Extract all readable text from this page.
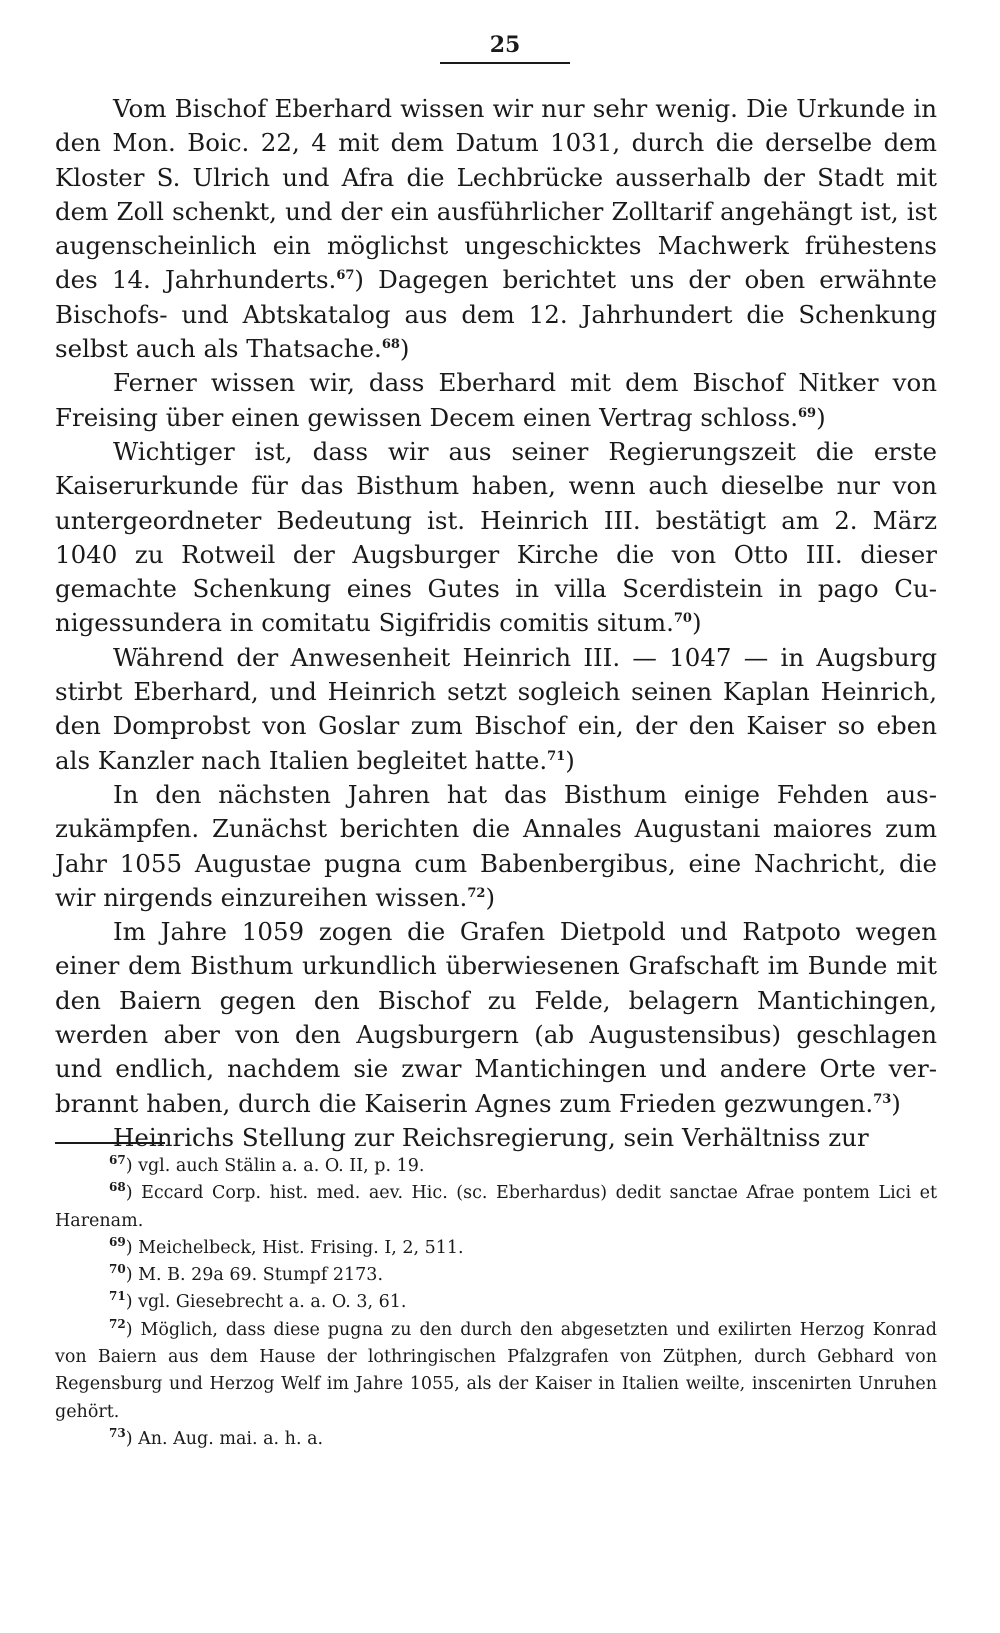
25

Vom Bischof Eberhard wissen wir nur sehr wenig. Die Urkunde in den Mon. Boic. 22, 4 mit dem Datum 1031, durch die derselbe dem Kloster S. Ulrich und Afra die Lechbrücke ausserhalb der Stadt mit dem Zoll schenkt, und der ein ausführlicher Zolltarif angehängt ist, ist augenscheinlich ein möglichst ungeschicktes Machwerk frühestens des 14. Jahrhunderts.$^{67}$) Dagegen berichtet uns der oben erwähnte Bischofs- und Abtskatalog aus dem 12. Jahrhundert die Schenkung selbst auch als Thatsache.$^{68}$)

Ferner wissen wir, dass Eberhard mit dem Bischof Nitker von Freising über einen gewissen Decem einen Vertrag schloss.$^{69}$)

Wichtiger ist, dass wir aus seiner Regierungszeit die erste Kaiserurkunde für das Bisthum haben, wenn auch dieselbe nur von untergeordneter Bedeutung ist. Heinrich III. bestätigt am 2. März 1040 zu Rotweil der Augsburger Kirche die von Otto III. dieser gemachte Schenkung eines Gutes in villa Scerdistein in pago Cunigessundera in comitatu Sigifridis comitis situm.$^{70}$)

Während der Anwesenheit Heinrich III. — 1047 — in Augsburg stirbt Eberhard, und Heinrich setzt sogleich seinen Kaplan Heinrich, den Domprobst von Goslar zum Bischof ein, der den Kaiser so eben als Kanzler nach Italien begleitet hatte.$^{71}$)

In den nächsten Jahren hat das Bisthum einige Fehden auszukämpfen. Zunächst berichten die Annales Augustani maiores zum Jahr 1055 Augustae pugna cum Babenbergibus, eine Nachricht, die wir nirgends einzureihen wissen.$^{72}$)

Im Jahre 1059 zogen die Grafen Dietpold und Ratpoto wegen einer dem Bisthum urkundlich überwiesenen Grafschaft im Bunde mit den Baiern gegen den Bischof zu Felde, belagern Mantichingen, werden aber von den Augsburgern (ab Augustensibus) geschlagen und endlich, nachdem sie zwar Mantichingen und andere Orte verbrannt haben, durch die Kaiserin Agnes zum Frieden gezwungen.$^{73}$)

Heinrichs Stellung zur Reichsregierung, sein Verhältniss zur

$^{67}$) vgl. auch Stälin a. a. O. II, p. 19.

$^{68}$) Eccard Corp. hist. med. aev. Hic. (sc. Eberhardus) dedit sanctae Afrae pontem Lici et Harenam.

$^{69}$) Meichelbeck, Hist. Frising. I, 2, 511.

$^{70}$) M. B. 29a 69. Stumpf 2173.

$^{71}$) vgl. Giesebrecht a. a. O. 3, 61.

$^{72}$) Möglich, dass diese pugna zu den durch den abgesetzten und exilirten Herzog Konrad von Baiern aus dem Hause der lothringischen Pfalzgrafen von Zütphen, durch Gebhard von Regensburg und Herzog Welf im Jahre 1055, als der Kaiser in Italien weilte, inscenirten Unruhen gehört.

$^{73}$) An. Aug. mai. a. h. a.
